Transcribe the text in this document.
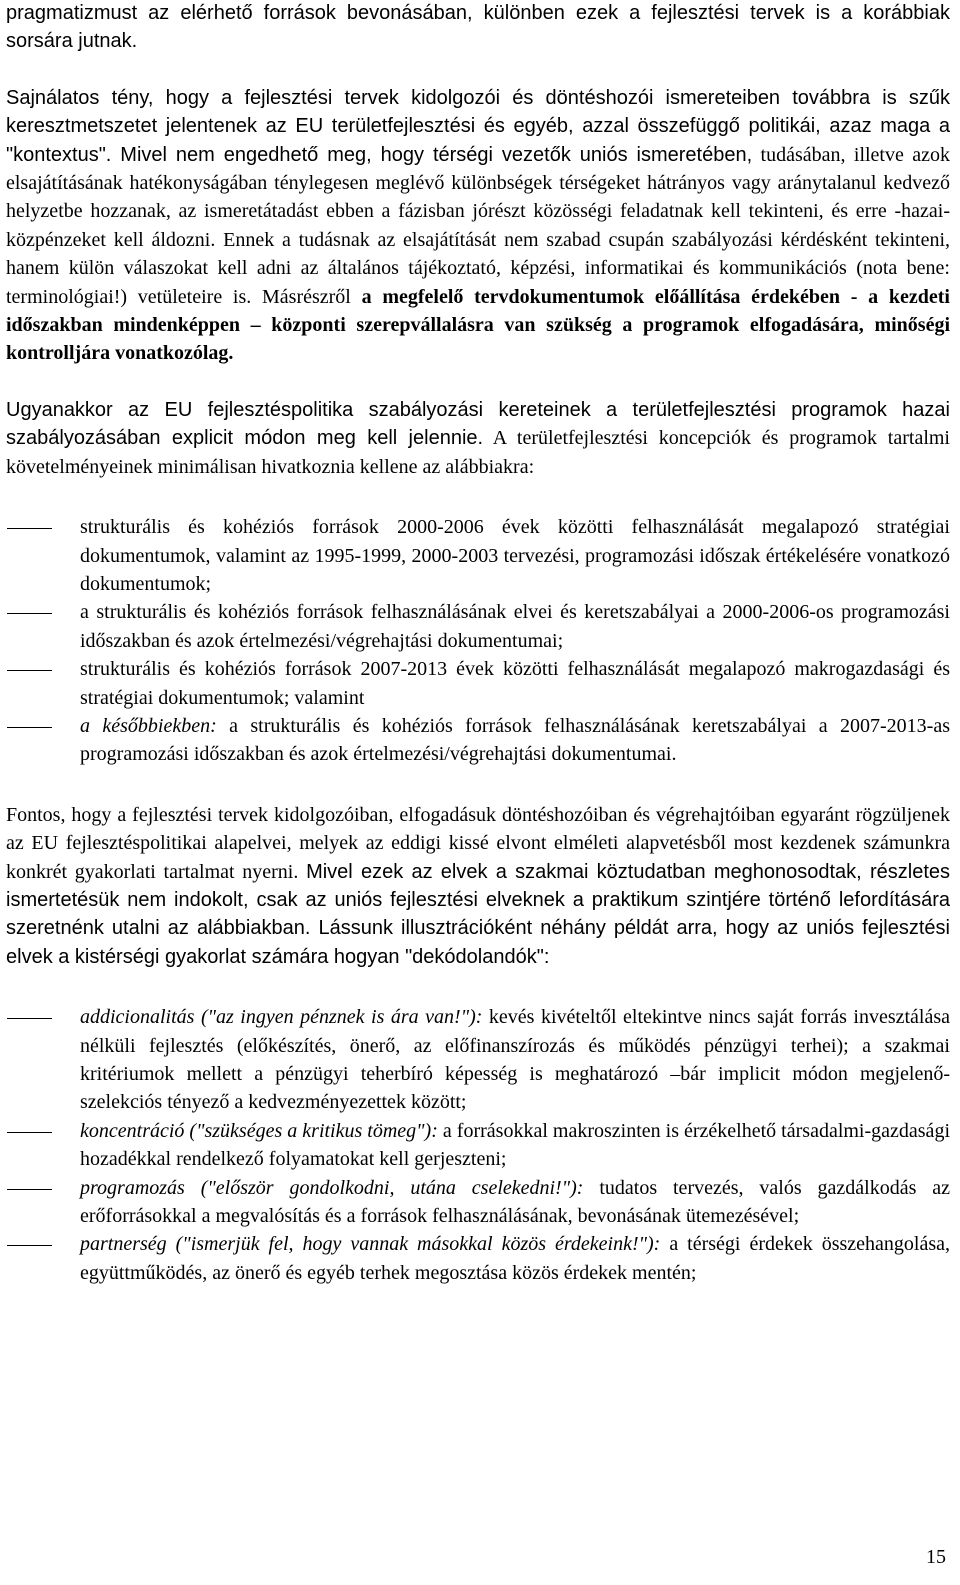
pragmatizmust az elérhető források bevonásában, különben ezek a fejlesztési tervek is a korábbiak sorsára jutnak.

Sajnálatos tény, hogy a fejlesztési tervek kidolgozói és döntéshozói ismereteiben továbbra is szűk keresztmetszetet jelentenek az EU területfejlesztési és egyéb, azzal összefüggő politikái, azaz maga a "kontextus". Mivel nem engedhető meg, hogy térségi vezetők uniós ismeretében, tudásában, illetve azok elsajátításának hatékonyságában ténylegesen meglévő különbségek térségeket hátrányos vagy aránytalanul kedvező helyzetbe hozzanak, az ismeretátadást ebben a fázisban jórészt közösségi feladatnak kell tekinteni, és erre -hazai- közpénzeket kell áldozni. Ennek a tudásnak az elsajátítását nem szabad csupán szabályozási kérdésként tekinteni, hanem külön válaszokat kell adni az általános tájékoztató, képzési, informatikai és kommunikációs (nota bene: terminológiai!) vetületeire is. Másrészről a megfelelő tervdokumentumok előállítása érdekében - a kezdeti időszakban mindenképpen – központi szerepvállalásra van szükség a programok elfogadására, minőségi kontrolljára vonatkozólag.

Ugyanakkor az EU fejlesztéspolitika szabályozási kereteinek a területfejlesztési programok hazai szabályozásában explicit módon meg kell jelennie. A területfejlesztési koncepciók és programok tartalmi követelményeinek minimálisan hivatkoznia kellene az alábbiakra:

strukturális és kohéziós források 2000-2006 évek közötti felhasználását megalapozó stratégiai dokumentumok, valamint az 1995-1999, 2000-2003 tervezési, programozási időszak értékelésére vonatkozó dokumentumok;
a strukturális és kohéziós források felhasználásának elvei és keretszabályai a 2000-2006-os programozási időszakban és azok értelmezési/végrehajtási dokumentumai;
strukturális és kohéziós források 2007-2013 évek közötti felhasználását megalapozó makrogazdasági és stratégiai dokumentumok; valamint
a későbbiekben: a strukturális és kohéziós források felhasználásának keretszabályai a 2007-2013-as programozási időszakban és azok értelmezési/végrehajtási dokumentumai.

Fontos, hogy a fejlesztési tervek kidolgozóiban, elfogadásuk döntéshozóiban és végrehajtóiban egyaránt rögzüljenek az EU fejlesztéspolitikai alapelvei, melyek az eddigi kissé elvont elméleti alapvetésből most kezdenek számunkra konkrét gyakorlati tartalmat nyerni. Mivel ezek az elvek a szakmai köztudatban meghonosodtak, részletes ismertetésük nem indokolt, csak az uniós fejlesztési elveknek a praktikum szintjére történő lefordítására szeretnénk utalni az alábbiakban. Lássunk illusztrációként néhány példát arra, hogy az uniós fejlesztési elvek a kistérségi gyakorlat számára hogyan "dekódolandók":

addicionalitás ("az ingyen pénznek is ára van!"): kevés kivételtől eltekintve nincs saját forrás invesztálása nélküli fejlesztés (előkészítés, önerő, az előfinanszírozás és működés pénzügyi terhei); a szakmai kritériumok mellett a pénzügyi teherbíró képesség is meghatározó –bár implicit módon megjelenő- szelekciós tényező a kedvezményezettek között;
koncentráció ("szükséges a kritikus tömeg"): a forrásokkal makroszinten is érzékelhető társadalmi-gazdasági hozadékkal rendelkező folyamatokat kell gerjeszteni;
programozás ("először gondolkodni, utána cselekedni!"): tudatos tervezés, valós gazdálkodás az erőforrásokkal a megvalósítás és a források felhasználásának, bevonásának ütemezésével;
partnerség ("ismerjük fel, hogy vannak másokkal közös érdekeink!"): a térségi érdekek összehangolása, együttműködés, az önerő és egyéb terhek megosztása közös érdekek mentén;
15
